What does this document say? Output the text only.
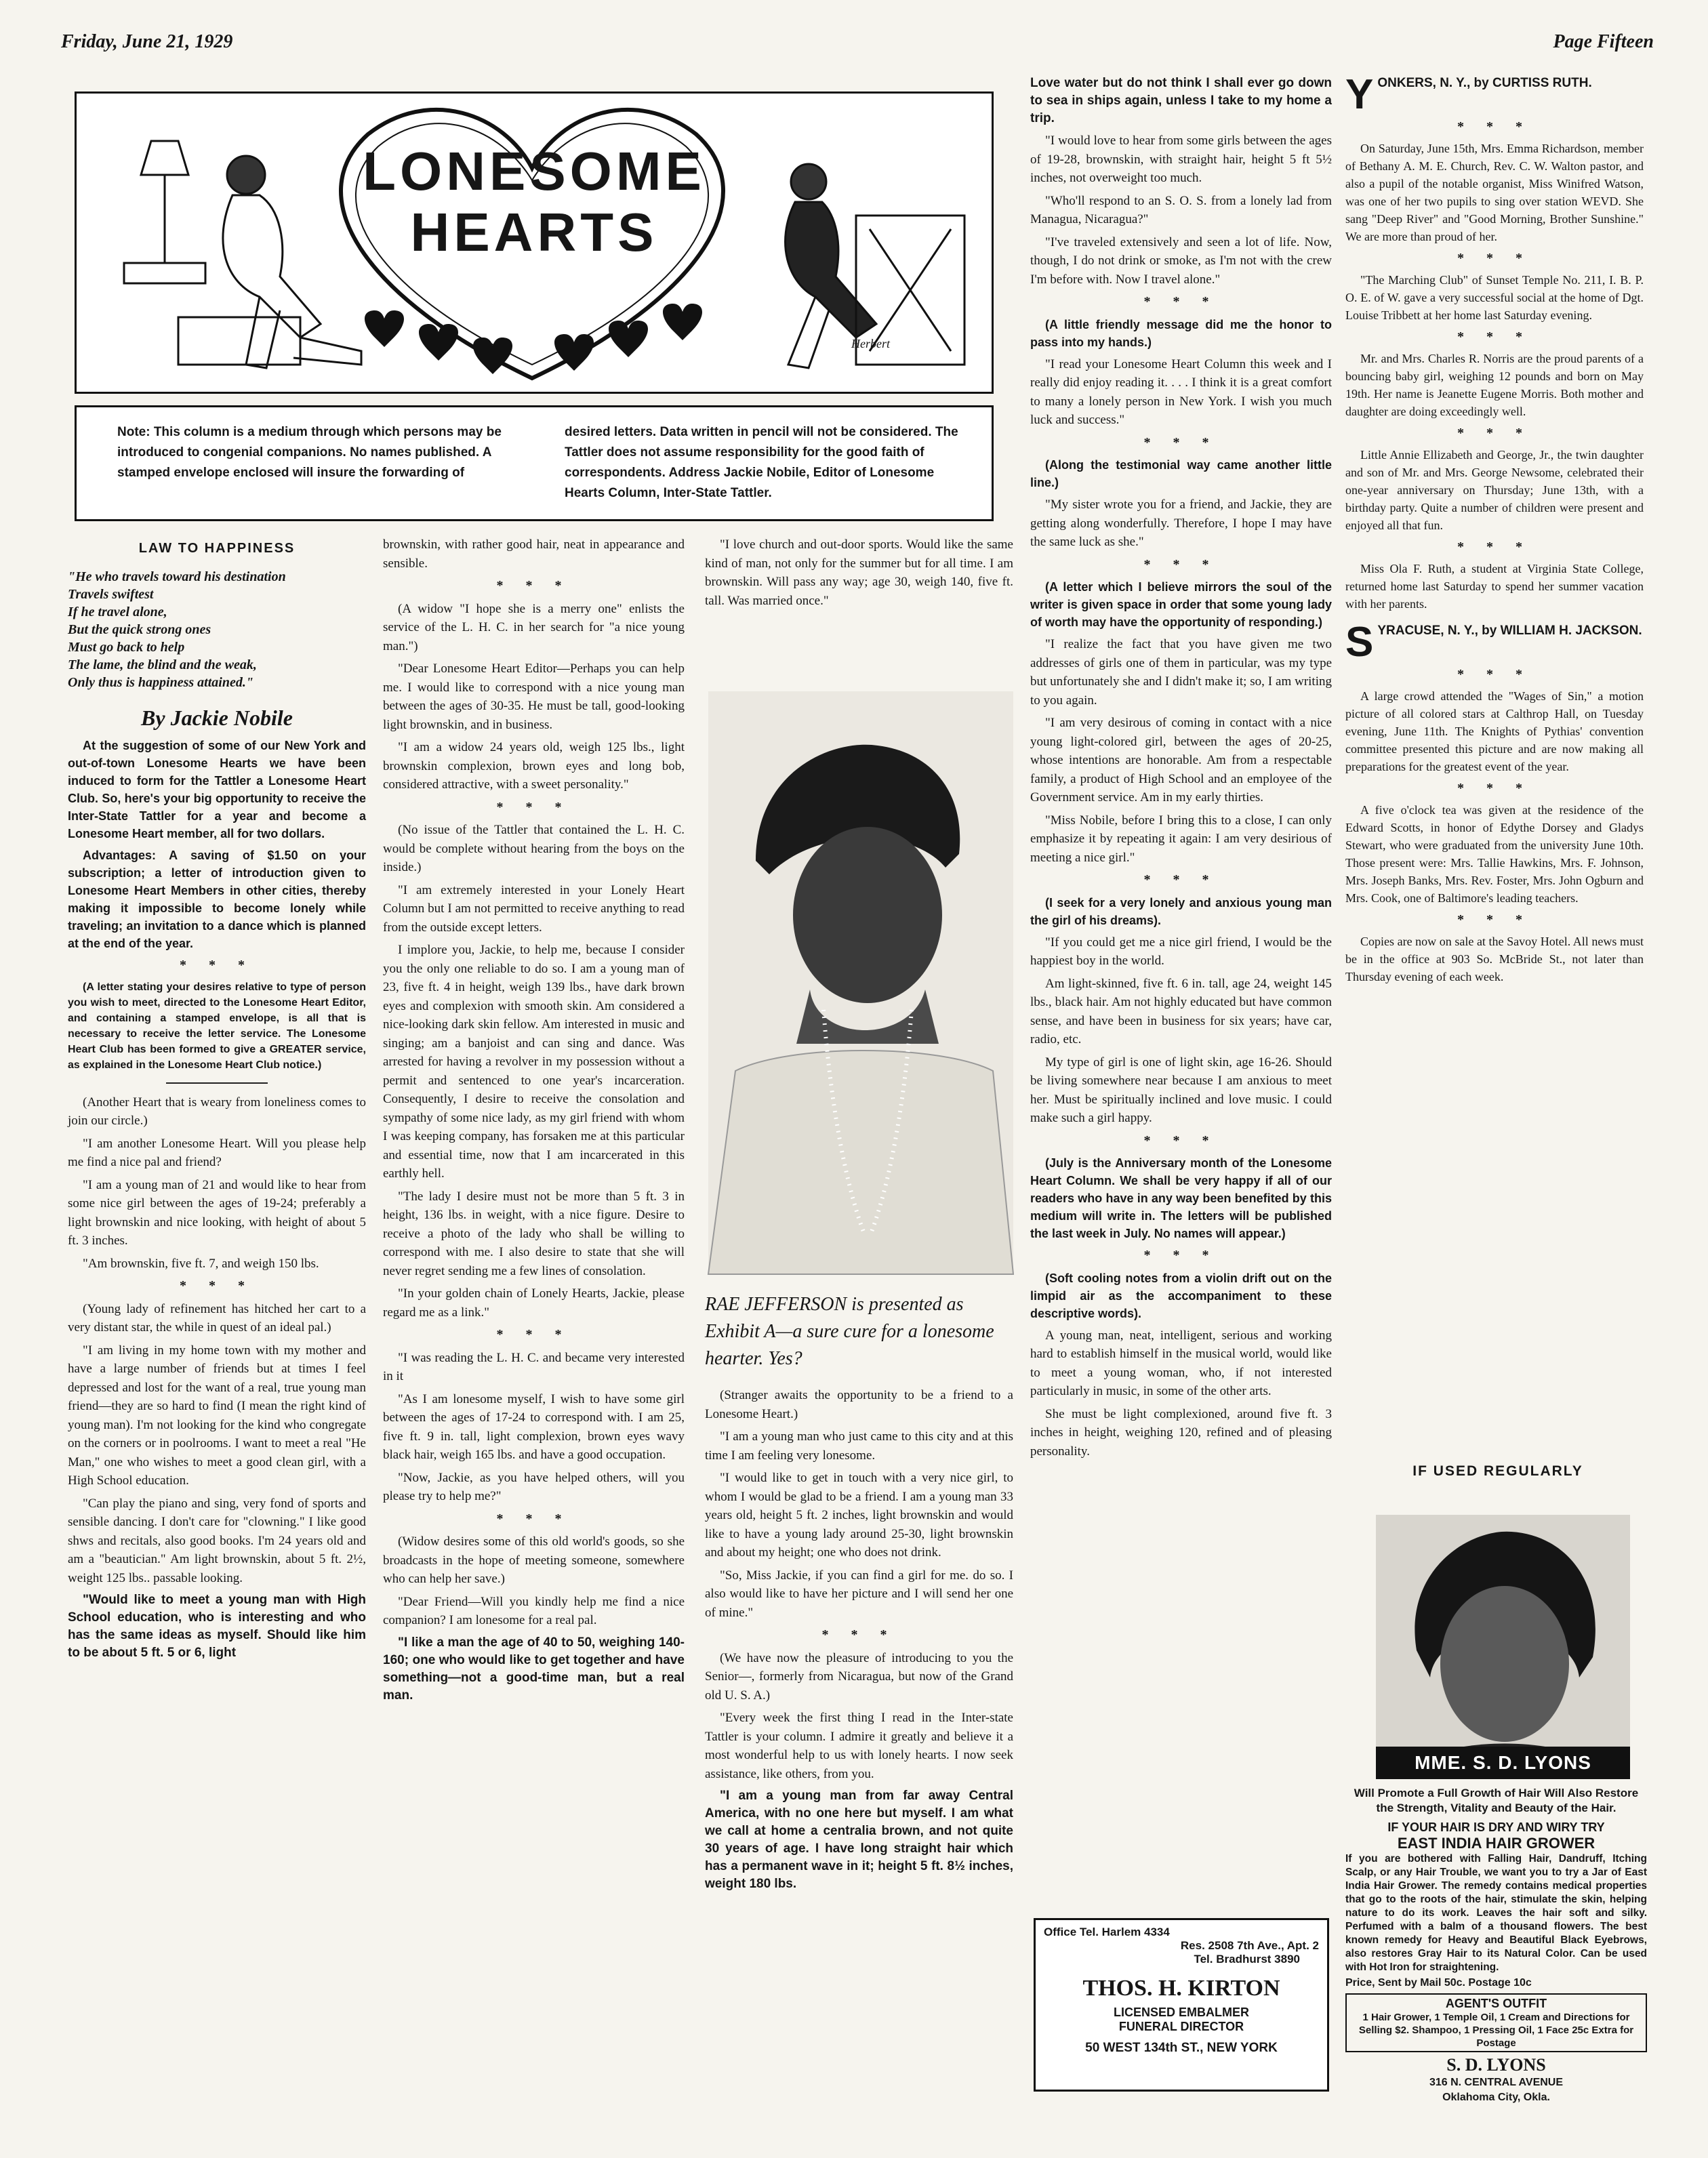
Friday, June 21, 1929	Page Fifteen
LONESOME
HEARTS
Herbert
Note: This column is a medium through which persons may be introduced to congenial companions. No names published. A stamped envelope enclosed will insure the forwarding of
desired letters. Data written in pencil will not be considered. The Tattler does not assume responsibility for the good faith of correspondents. Address Jackie Nobile, Editor of Lonesome Hearts Column, Inter-State Tattler.
LAW TO HAPPINESS
"He who travels toward his destination
Travels swiftest
If he travel alone,
But the quick strong ones
Must go back to help
The lame, the blind and the weak,
Only thus is happiness attained."
By Jackie Nobile

At the suggestion of some of our New York and out-of-town Lonesome Hearts we have been induced to form for the Tattler a Lonesome Heart Club. So, here's your big opportunity to receive the Inter-State Tattler for a year and become a Lonesome Heart member, all for two dollars.

Advantages: A saving of $1.50 on your subscription; a letter of introduction given to Lonesome Heart Members in other cities, thereby making it impossible to become lonely while traveling; an invitation to a dance which is planned at the end of the year.

* * *

(A letter stating your desires relative to type of person you wish to meet, directed to the Lonesome Heart Editor, and containing a stamped envelope, is all that is necessary to receive the letter service. The Lonesome Heart Club has been formed to give a GREATER service, as explained in the Lonesome Heart Club notice.)

(Another Heart that is weary from loneliness comes to join our circle.)

"I am another Lonesome Heart. Will you please help me find a nice pal and friend?

"I am a young man of 21 and would like to hear from some nice girl between the ages of 19-24; preferably a light brownskin and nice looking, with height of about 5 ft. 3 inches.

"Am brownskin, five ft. 7, and weigh 150 lbs.

* * *

(Young lady of refinement has hitched her cart to a very distant star, the while in quest of an ideal pal.)

"I am living in my home town with my mother and have a large number of friends but at times I feel depressed and lost for the want of a real, true young man friend—they are so hard to find (I mean the right kind of young man). I'm not looking for the kind who congregate on the corners or in poolrooms. I want to meet a real "He Man," one who wishes to meet a good clean girl, with a High School education.

"Can play the piano and sing, very fond of sports and sensible dancing. I don't care for "clowning." I like good shws and recitals, also good books. I'm 24 years old and am a "beautician." Am light brownskin, about 5 ft. 2½, weight 125 lbs.. passable looking.

"Would like to meet a young man with High School education, who is interesting and who has the same ideas as myself. Should like him to be about 5 ft. 5 or 6, light

brownskin, with rather good hair, neat in appearance and sensible.

* * *

(A widow "I hope she is a merry one" enlists the service of the L. H. C. in her search for "a nice young man.")

"Dear Lonesome Heart Editor—Perhaps you can help me. I would like to correspond with a nice young man between the ages of 30-35. He must be tall, good-looking light brownskin, and in business.

"I am a widow 24 years old, weigh 125 lbs., light brownskin complexion, brown eyes and long bob, considered attractive, with a sweet personality."

* * *

(No issue of the Tattler that contained the L. H. C. would be complete without hearing from the boys on the inside.)

"I am extremely interested in your Lonely Heart Column but I am not permitted to receive anything to read from the outside except letters.

I implore you, Jackie, to help me, because I consider you the only one reliable to do so. I am a young man of 23, five ft. 4 in height, weigh 139 lbs., have dark brown eyes and complexion with smooth skin. Am considered a nice-looking dark skin fellow. Am interested in music and singing; am a banjoist and can sing and dance. Was arrested for having a revolver in my possession without a permit and sentenced to one year's incarceration. Consequently, I desire to receive the consolation and sympathy of some nice lady, as my girl friend with whom I was keeping company, has forsaken me at this particular and essential time, now that I am incarcerated in this earthly hell.

"The lady I desire must not be more than 5 ft. 3 in height, 136 lbs. in weight, with a nice figure. Desire to receive a photo of the lady who shall be willing to correspond with me. I also desire to state that she will never regret sending me a few lines of consolation.

"In your golden chain of Lonely Hearts, Jackie, please regard me as a link."

* * *

"I was reading the L. H. C. and became very interested in it

"As I am lonesome myself, I wish to have some girl between the ages of 17-24 to correspond with. I am 25, five ft. 9 in. tall, light complexion, brown eyes wavy black hair, weigh 165 lbs. and have a good occupation.

"Now, Jackie, as you have helped others, will you please try to help me?"

* * *

(Widow desires some of this old world's goods, so she broadcasts in the hope of meeting someone, somewhere who can help her save.)

"Dear Friend—Will you kindly help me find a nice companion? I am lonesome for a real pal.

"I like a man the age of 40 to 50, weighing 140-160; one who would like to get together and have something—not a good-time man, but a real man.

"I love church and out-door sports. Would like the same kind of man, not only for the summer but for all time. I am brownskin. Will pass any way; age 30, weigh 140, five ft. tall. Was married once."

RAE JEFFERSON is presented as Exhibit A—a sure cure for a lonesome hearter. Yes?

(Stranger awaits the opportunity to be a friend to a Lonesome Heart.)

"I am a young man who just came to this city and at this time I am feeling very lonesome.

"I would like to get in touch with a very nice girl, to whom I would be glad to be a friend. I am a young man 33 years old, height 5 ft. 2 inches, light brownskin and would like to have a young lady around 25-30, light brownskin and about my height; one who does not drink.

"So, Miss Jackie, if you can find a girl for me. do so. I also would like to have her picture and I will send her one of mine."

* * *

(We have now the pleasure of introducing to you the Senior—, formerly from Nicaragua, but now of the Grand old U. S. A.)

"Every week the first thing I read in the Inter-state Tattler is your column. I admire it greatly and believe it a most wonderful help to us with lonely hearts. I now seek assistance, like others, from you.

"I am a young man from far away Central America, with no one here but myself. I am what we call at home a centralia brown, and not quite 30 years of age. I have long straight hair which has a permanent wave in it; height 5 ft. 8½ inches, weight 180 lbs.

Love water but do not think I shall ever go down to sea in ships again, unless I take to my home a trip.

"I would love to hear from some girls between the ages of 19-28, brownskin, with straight hair, height 5 ft 5½ inches, not overweight too much.

"Who'll respond to an S. O. S. from a lonely lad from Managua, Nicaragua?"

"I've traveled extensively and seen a lot of life. Now, though, I do not drink or smoke, as I'm not with the crew I'm before with. Now I travel alone."

* * *

(A little friendly message did me the honor to pass into my hands.)

"I read your Lonesome Heart Column this week and I really did enjoy reading it. . . . I think it is a great comfort to many a lonely person in New York. I wish you much luck and success."

* * *

(Along the testimonial way came another little line.)

"My sister wrote you for a friend, and Jackie, they are getting along wonderfully. Therefore, I hope I may have the same luck as she."

* * *

(A letter which I believe mirrors the soul of the writer is given space in order that some young lady of worth may have the opportunity of responding.)

"I realize the fact that you have given me two addresses of girls one of them in particular, was my type but unfortunately she and I didn't make it; so, I am writing to you again.

"I am very desirous of coming in contact with a nice young light-colored girl, between the ages of 20-25, whose intentions are honorable. Am from a respectable family, a product of High School and an employee of the Government service. Am in my early thirties.

"Miss Nobile, before I bring this to a close, I can only emphasize it by repeating it again: I am very desirious of meeting a nice girl."

* * *

(I seek for a very lonely and anxious young man the girl of his dreams).

"If you could get me a nice girl friend, I would be the happiest boy in the world.

Am light-skinned, five ft. 6 in. tall, age 24, weight 145 lbs., black hair. Am not highly educated but have common sense, and have been in business for six years; have car, radio, etc.

My type of girl is one of light skin, age 16-26. Should be living somewhere near because I am anxious to meet her. Must be spiritually inclined and love music. I could make such a girl happy.

* * *

(July is the Anniversary month of the Lonesome Heart Column. We shall be very happy if all of our readers who have in any way been benefited by this medium will write in. The letters will be published the last week in July. No names will appear.)

* * *

(Soft cooling notes from a violin drift out on the limpid air as the accompaniment to these descriptive words).

A young man, neat, intelligent, serious and working hard to establish himself in the musical world, would like to meet a young woman, who, if not interested particularly in music, in some of the other arts.

She must be light complexioned, around five ft. 3 inches in height, weighing 120, refined and of pleasing personality.

Office Tel. Harlem 4334
Res. 2508 7th Ave., Apt. 2
Tel. Bradhurst 3890
THOS. H. KIRTON
LICENSED EMBALMER
FUNERAL DIRECTOR
50 WEST 134th ST., NEW YORK
YONKERS, N. Y., by CURTISS RUTH.
* * *

On Saturday, June 15th, Mrs. Emma Richardson, member of Bethany A. M. E. Church, Rev. C. W. Walton pastor, and also a pupil of the notable organist, Miss Winifred Watson, was one of her two pupils to sing over station WEVD. She sang "Deep River" and "Good Morning, Brother Sunshine." We are more than proud of her.

* * *

"The Marching Club" of Sunset Temple No. 211, I. B. P. O. E. of W. gave a very successful social at the home of Dgt. Louise Tribbett at her home last Saturday evening.

* * *

Mr. and Mrs. Charles R. Norris are the proud parents of a bouncing baby girl, weighing 12 pounds and born on May 19th. Her name is Jeanette Eugene Morris. Both mother and daughter are doing exceedingly well.

* * *

Little Annie Ellizabeth and George, Jr., the twin daughter and son of Mr. and Mrs. George Newsome, celebrated their one-year anniversary on Thursday; June 13th, with a birthday party. Quite a number of children were present and enjoyed all that fun.

* * *

Miss Ola F. Ruth, a student at Virginia State College, returned home last Saturday to spend her summer vacation with her parents.

SYRACUSE, N. Y., by WILLIAM H. JACKSON.
* * *

A large crowd attended the "Wages of Sin," a motion picture of all colored stars at Calthrop Hall, on Tuesday evening, June 11th. The Knights of Pythias' convention committee presented this picture and are now making all preparations for the greatest event of the year.

* * *

A five o'clock tea was given at the residence of the Edward Scotts, in honor of Edythe Dorsey and Gladys Stewart, who were graduated from the university June 10th. Those present were: Mrs. Tallie Hawkins, Mrs. F. Johnson, Mrs. Joseph Banks, Mrs. Rev. Foster, Mrs. John Ogburn and Mrs. Cook, one of Baltimore's leading teachers.

* * *

Copies are now on sale at the Savoy Hotel. All news must be in the office at 903 So. McBride St., not later than Thursday evening of each week.

IF USED REGULARLY
MME. S. D. LYONS
Will Promote a Full Growth of Hair Will Also Restore the Strength, Vitality and Beauty of the Hair.
IF YOUR HAIR IS DRY AND WIRY TRY
EAST INDIA HAIR GROWER
If you are bothered with Falling Hair, Dandruff, Itching Scalp, or any Hair Trouble, we want you to try a Jar of East India Hair Grower. The remedy contains medical properties that go to the roots of the hair, stimulate the skin, helping nature to do its work. Leaves the hair soft and silky. Perfumed with a balm of a thousand flowers. The best known remedy for Heavy and Beautiful Black Eyebrows, also restores Gray Hair to its Natural Color. Can be used with Hot Iron for straightening.
Price, Sent by Mail 50c. Postage 10c
AGENT'S OUTFIT
1 Hair Grower, 1 Temple Oil, 1 Cream and Directions for Selling $2. Shampoo, 1 Pressing Oil, 1 Face 25c Extra for Postage
S. D. LYONS
316 N. CENTRAL AVENUE
Oklahoma City, Okla.
